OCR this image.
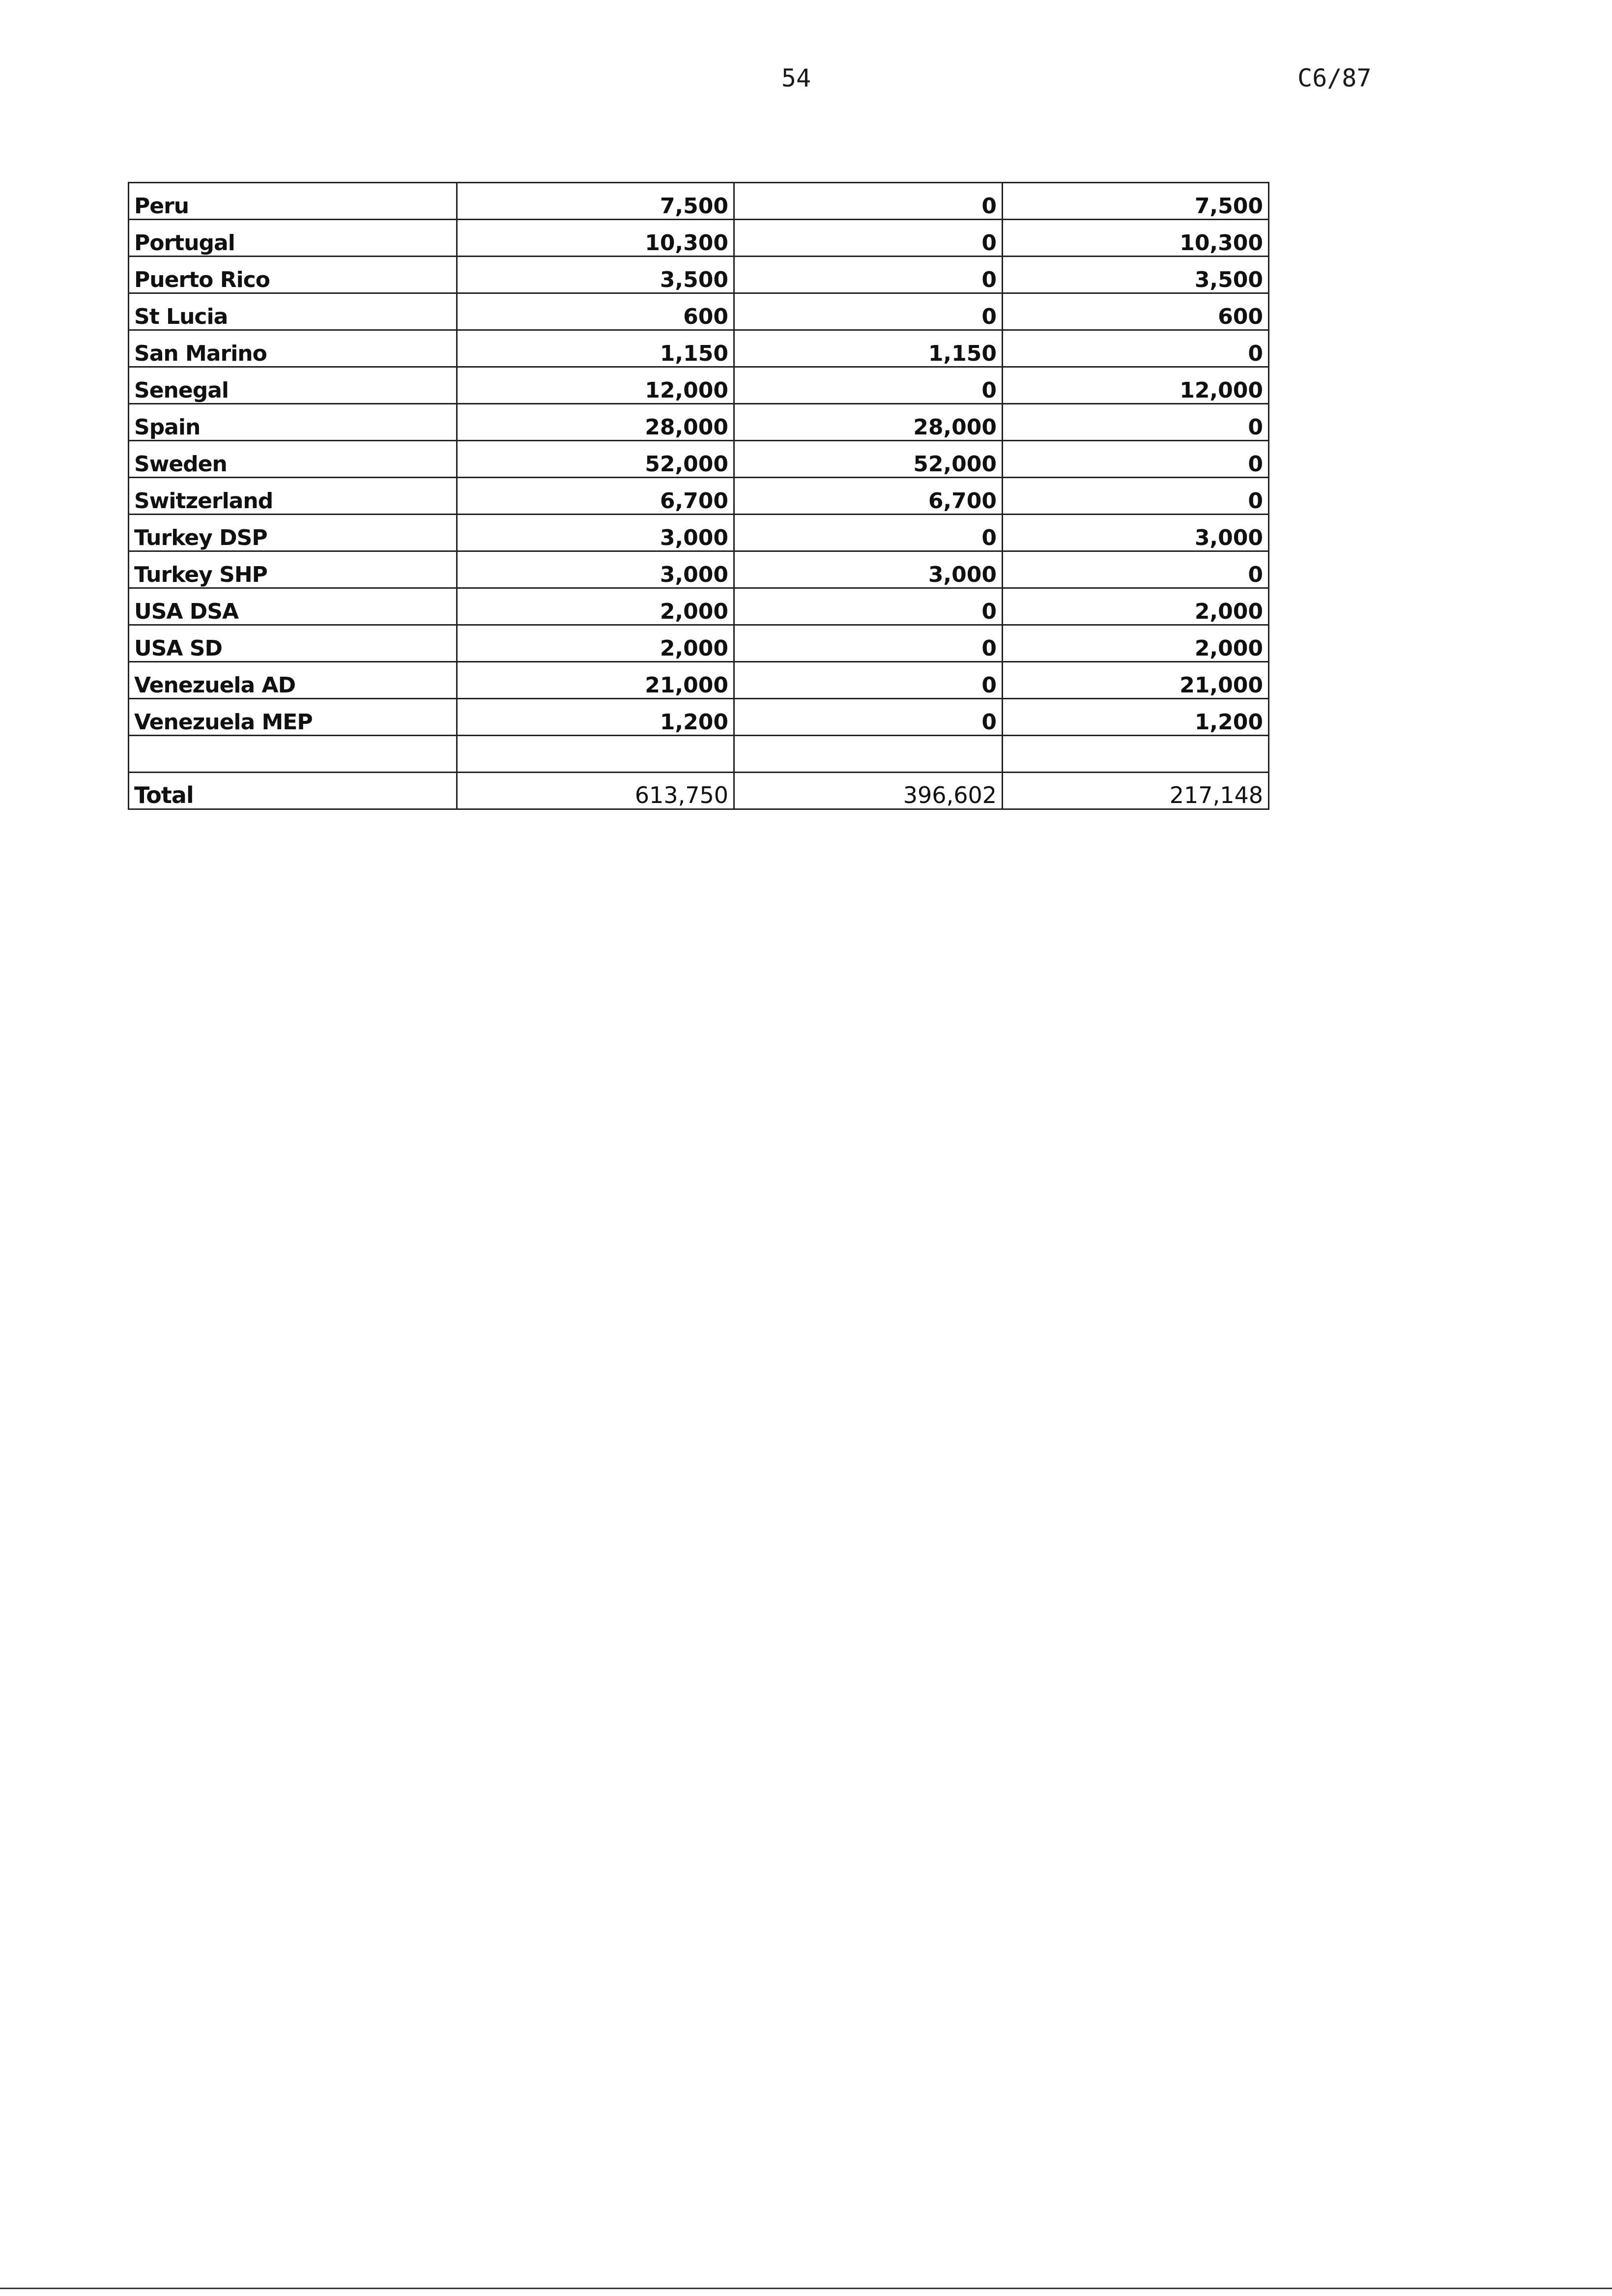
54	C6/87
Peru	7,500	0	7,500
Portugal	10,300	0	10,300
Puerto Rico	3,500	0	3,500
St Lucia	600	0	600
San Marino	1,150	1,150	0
Senegal	12,000	0	12,000
Spain	28,000	28,000	0
Sweden	52,000	52,000	0
Switzerland	6,700	6,700	0
Turkey DSP	3,000	0	3,000
Turkey SHP	3,000	3,000	0
USA DSA	2,000	0	2,000
USA SD	2,000	0	2,000
Venezuela AD	21,000	0	21,000
Venezuela MEP	1,200	0	1,200

Total	613,750	396,602	217,148
